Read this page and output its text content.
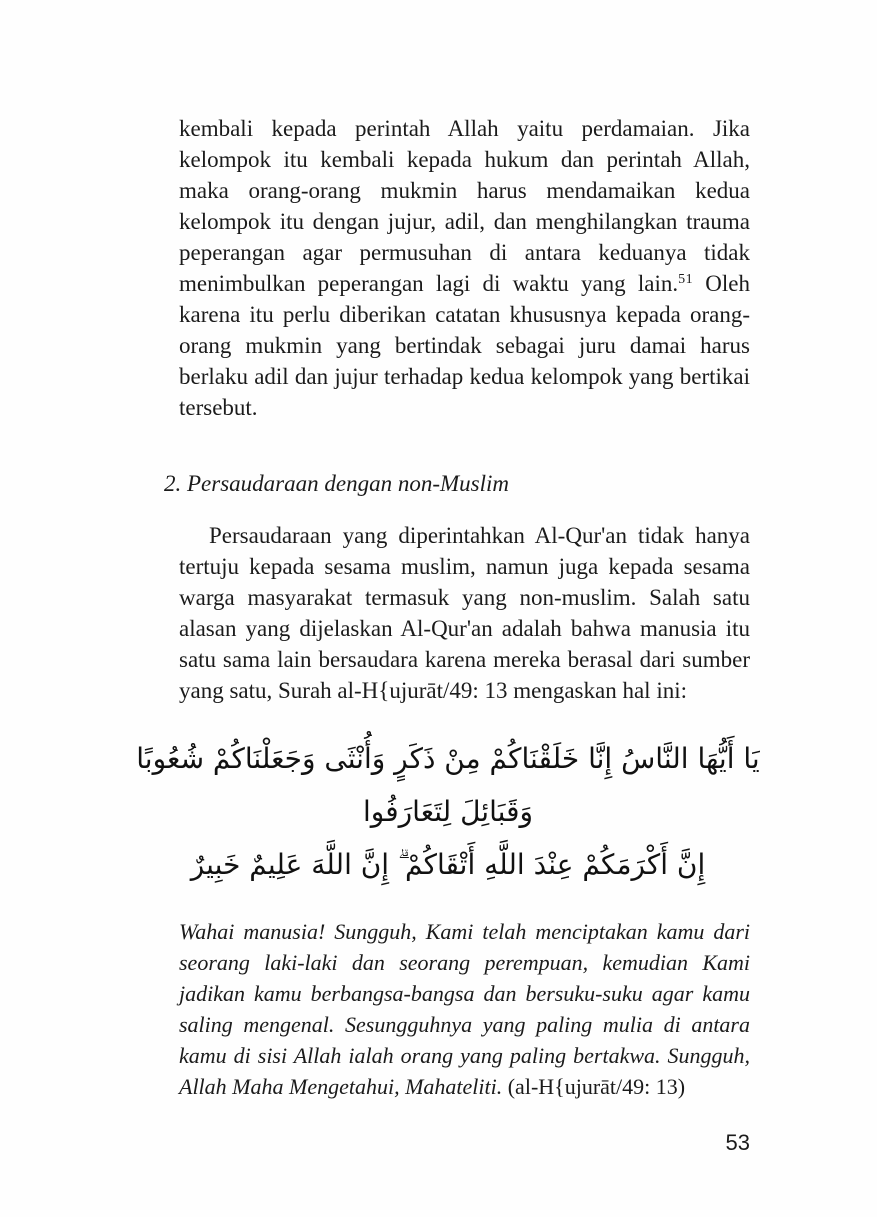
kembali kepada perintah Allah yaitu perdamaian. Jika kelompok itu kembali kepada hukum dan perintah Allah, maka orang-orang mukmin harus mendamaikan kedua kelompok itu dengan jujur, adil, dan menghilangkan trauma peperangan agar permusuhan di antara keduanya tidak menimbulkan peperangan lagi di waktu yang lain.$^{51}$ Oleh karena itu perlu diberikan catatan khususnya kepada orang-orang mukmin yang bertindak sebagai juru damai harus berlaku adil dan jujur terhadap kedua kelompok yang bertikai tersebut.

2. Persaudaraan dengan non-Muslim

Persaudaraan yang diperintahkan Al-Qur'an tidak hanya tertuju kepada sesama muslim, namun juga kepada sesama warga masyarakat termasuk yang non-muslim. Salah satu alasan yang dijelaskan Al-Qur'an adalah bahwa manusia itu satu sama lain bersaudara karena mereka berasal dari sumber yang satu, Surah al-H{ujurāt/49: 13 mengaskan hal ini:

يَا أَيُّهَا النَّاسُ إِنَّا خَلَقْنَاكُمْ مِنْ ذَكَرٍ وَأُنْثَى وَجَعَلْنَاكُمْ شُعُوبًا وَقَبَائِلَ لِتَعَارَفُوا
إِنَّ أَكْرَمَكُمْ عِنْدَ اللَّهِ أَتْقَاكُمْ ۗ إِنَّ اللَّهَ عَلِيمٌ خَبِيرٌ

Wahai manusia! Sungguh, Kami telah menciptakan kamu dari seorang laki-laki dan seorang perempuan, kemudian Kami jadikan kamu berbangsa-bangsa dan bersuku-suku agar kamu saling mengenal. Sesungguhnya yang paling mulia di antara kamu di sisi Allah ialah orang yang paling bertakwa. Sungguh, Allah Maha Mengetahui, Mahateliti. (al-H{ujurāt/49: 13)

53
